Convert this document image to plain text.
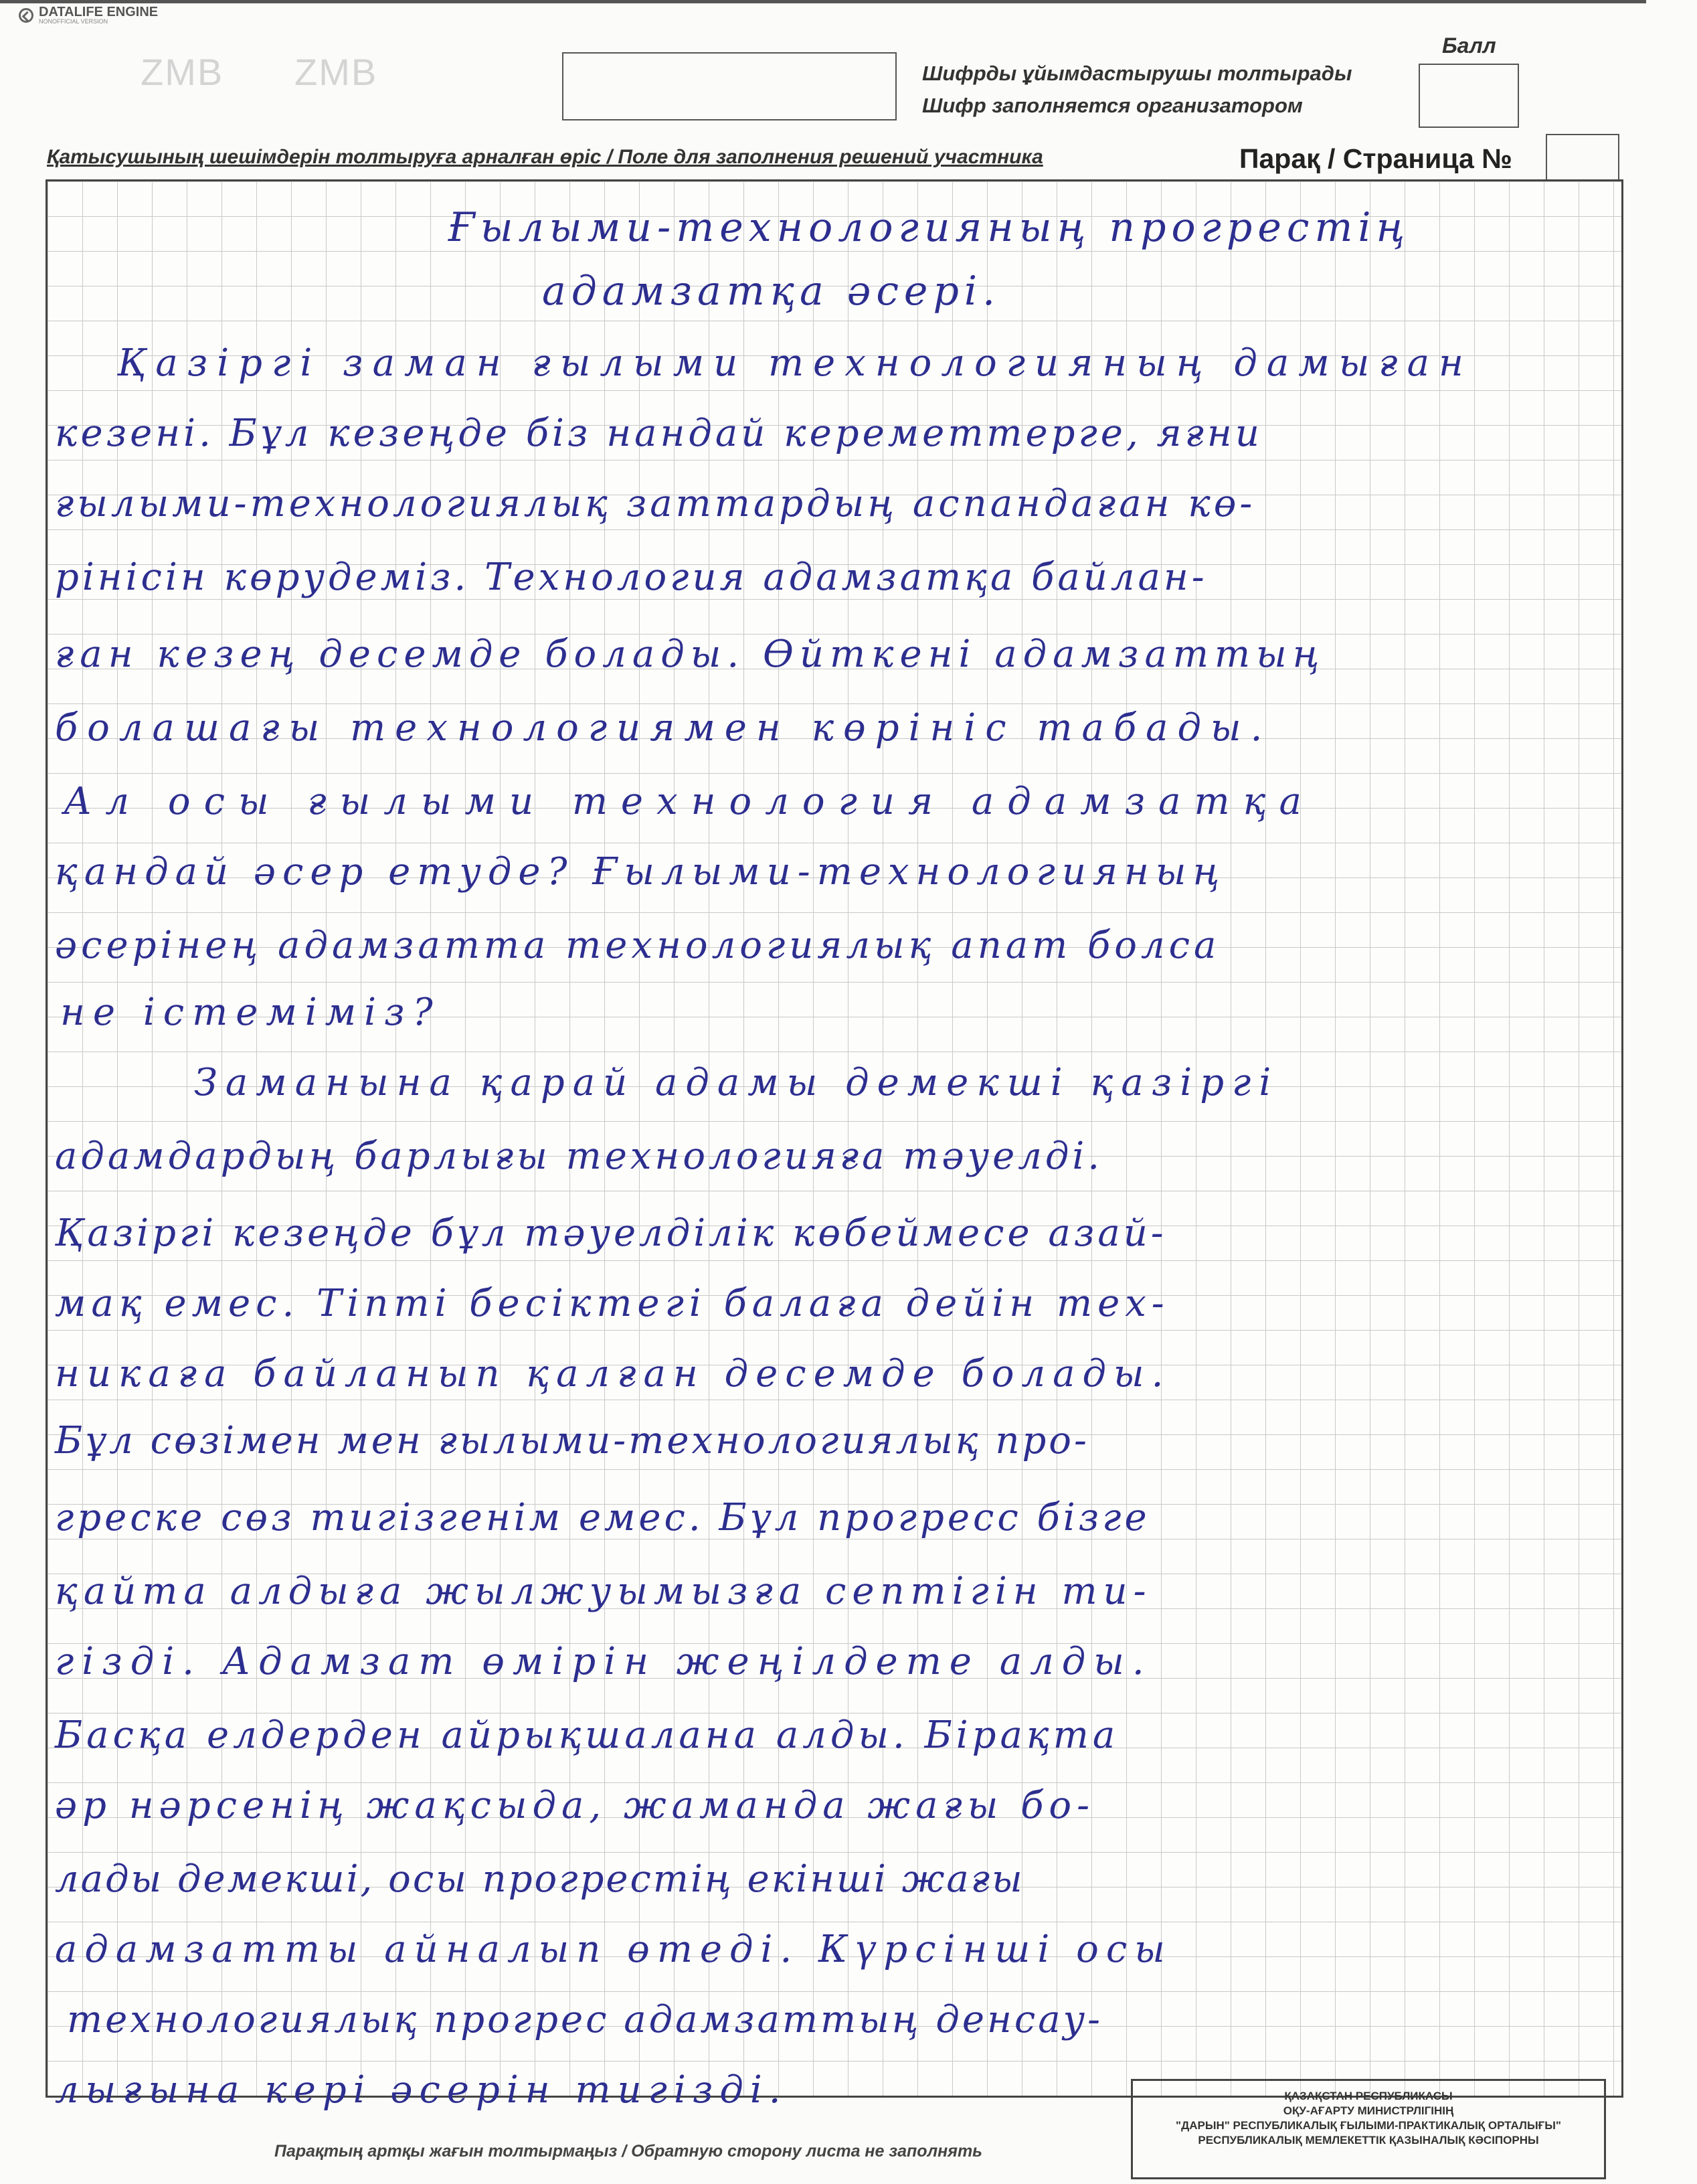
DATALIFE ENGINE
NONOFFICIAL VERSION
ZMB ZMB	Шифрды ұйымдастырушы толтырады
Шифр заполняется организатором
Балл
Қатысушының шешімдерін толтыруға арналған өріс / Поле для заполнения решений участника	Парақ / Страница №
Ғылыми-технологияның прогрестің
адамзатқа әсері.
Қазіргі заман ғылыми технологияның дамыған
кезені. Бұл кезеңде біз нандай кереметтерге, яғни
ғылыми-технологиялық заттардың аспандаған кө-
рінісін көрудеміз. Технология адамзатқа байлан-
ған кезең десемде болады. Өйткені адамзаттың
болашағы технологиямен көрініс табады.
Ал осы ғылыми технология адамзатқа
қандай әсер етуде? Ғылыми-технологияның
әсерінең адамзатта технологиялық апат болса
не істеміміз?
Заманына қарай адамы демекші қазіргі
адамдардың барлығы технологияға тәуелді.
Қазіргі кезеңде бұл тәуелділік көбеймесе азай-
мақ емес. Тіпті бесіктегі балаға дейін тех-
никаға байланып қалған десемде болады.
Бұл сөзімен мен ғылыми-технологиялық про-
греске сөз тигізгенім емес. Бұл прогресс бізге
қайта алдыға жылжуымызға септігін ти-
гізді. Адамзат өмірін жеңілдете алды.
Басқа елдерден айрықшалана алды. Бірақта
әр нәрсенің жақсыда, жаманда жағы бо-
лады демекші, осы прогрестің екінші жағы
адамзатты айналып өтеді. Күрсінші осы
технологиялық прогрес адамзаттың денсау-
лығына кері әсерін тигізді.
Парақтың артқы жағын толтырмаңыз / Обратную сторону листа не заполнять
ҚАЗАҚСТАН РЕСПУБЛИКАСЫ
ОҚУ-АҒАРТУ МИНИСТРЛІГІНІҢ
"ДАРЫН" РЕСПУБЛИКАЛЫҚ ҒЫЛЫМИ-ПРАКТИКАЛЫҚ ОРТАЛЫҒЫ"
РЕСПУБЛИКАЛЫҚ МЕМЛЕКЕТТІК ҚАЗЫНАЛЫҚ КӘСІПОРНЫ
